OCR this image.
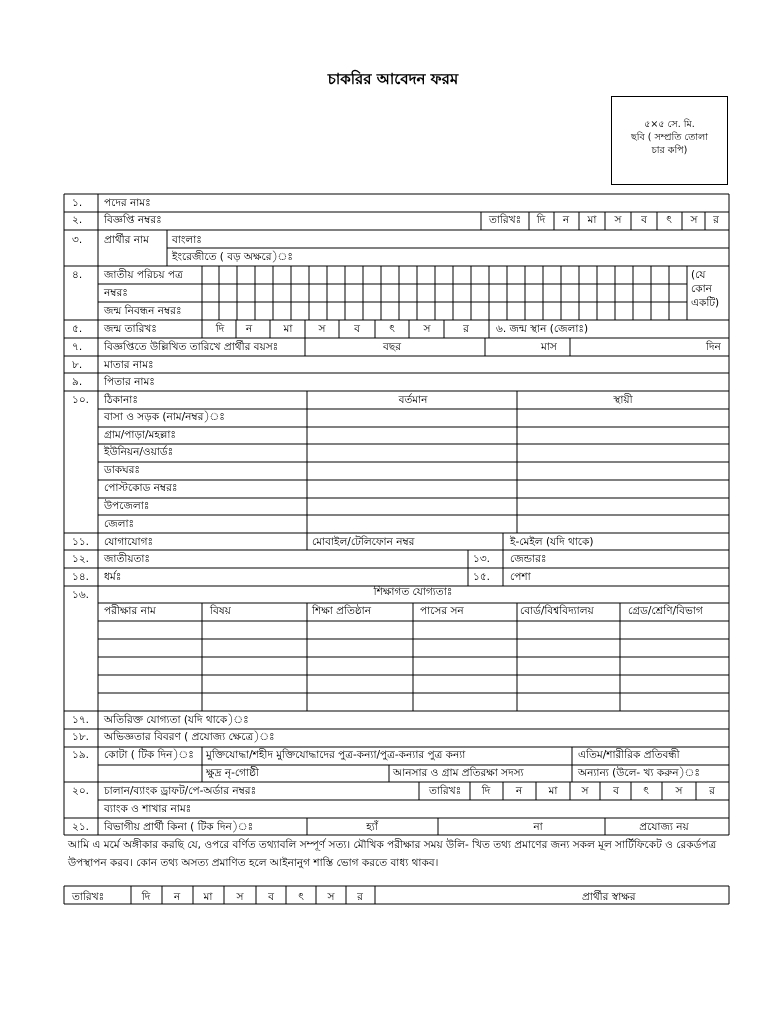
চাকরির আবেদন ফরম
৫×৫ সে. মি.
ছবি ( সম্প্রতি তোলা
চার কপি)
১. পদের নামঃ
২. বিজ্ঞপ্তি নম্বরঃ	তারিখঃ দি ন মা স ব ৎ স র
৩. প্রার্থীর নাম বাংলাঃ
ইংরেজীতে ( বড় অক্ষরে)ঃ
৪. জাতীয় পরিচয় পত্র
নম্বরঃ
জন্ম নিবন্ধন নম্বরঃ
(যে
কোন
একটি)
৫. জন্ম তারিখঃ	দি ন	মা স	ব	ৎ	স	র	৬. জন্ম স্থান (জেলাঃ)
৭. বিজ্ঞপ্তিতে উল্লিখিত তারিখে প্রার্থীর বয়সঃ	বছর	মাস	দিন
৮. মাতার নামঃ
৯. পিতার নামঃ
১০. ঠিকানাঃ	বর্তমান	স্থায়ী
বাসা ও সড়ক (নাম/নম্বর)ঃ
গ্রাম/পাড়া/মহল্লাঃ
ইউনিয়ন/ওয়ার্ডঃ
ডাকঘরঃ
পোস্টকোড নম্বরঃ
উপজেলাঃ
জেলাঃ
১১. যোগাযোগঃ	মোবাইল/টেলিফোন নম্বর	ই-মেইল (যদি থাকে)
১২. জাতীয়তাঃ	১৩. জেন্ডারঃ
১৪. ধর্মঃ	১৫. পেশা
১৬.	শিক্ষাগত যোগ্যতাঃ
পরীক্ষার নাম	বিষয়	শিক্ষা প্রতিষ্ঠান	পাসের সন	বোর্ড/বিশ্ববিদ্যালয়	গ্রেড/শ্রেণি/বিভাগ
১৭. অতিরিক্ত যোগ্যতা (যদি থাকে)ঃ
১৮. অভিজ্ঞতার বিবরণ ( প্রযোজ্য ক্ষেত্রে)ঃ
১৯. কোটা ( টিক দিন)ঃ মুক্তিযোদ্ধা/শহীদ মুক্তিযোদ্ধাদের পুত্র-কন্যা/পুত্র-কন্যার পুত্র কন্যা	এতিম/শারীরিক প্রতিবন্ধী
ক্ষুদ্র নৃ-গোষ্ঠী	আনসার ও গ্রাম প্রতিরক্ষা সদস্য	অন্যান্য (উলে- খ্য করুন)ঃ
২০. চালান/ব্যাংক ড্রাফট/পে-অর্ডার নম্বরঃ	তারিখঃ দি ন	মা স ব ৎ	স	র
ব্যাংক ও শাখার নামঃ
২১. বিভাগীয় প্রার্থী কিনা ( টিক দিন)ঃ	হ্যাঁ	না	প্রযোজ্য নয়
আমি এ মর্মে অঙ্গীকার করছি যে, ওপরে বর্ণিত তথ্যাবলি সম্পূর্ণ সত্য। মৌখিক পরীক্ষার সময় উলি- খিত তথ্য প্রমাণের জন্য সকল মূল সার্টিফিকেট ও রেকর্ডপত্র উপস্থাপন করব। কোন তথ্য অসত্য প্রমাণিত হলে আইনানুগ শাস্তি ভোগ করতে বাধ্য থাকব।
তারিখঃ	দি ন মা স ব ৎ স র	প্রার্থীর স্বাক্ষর
